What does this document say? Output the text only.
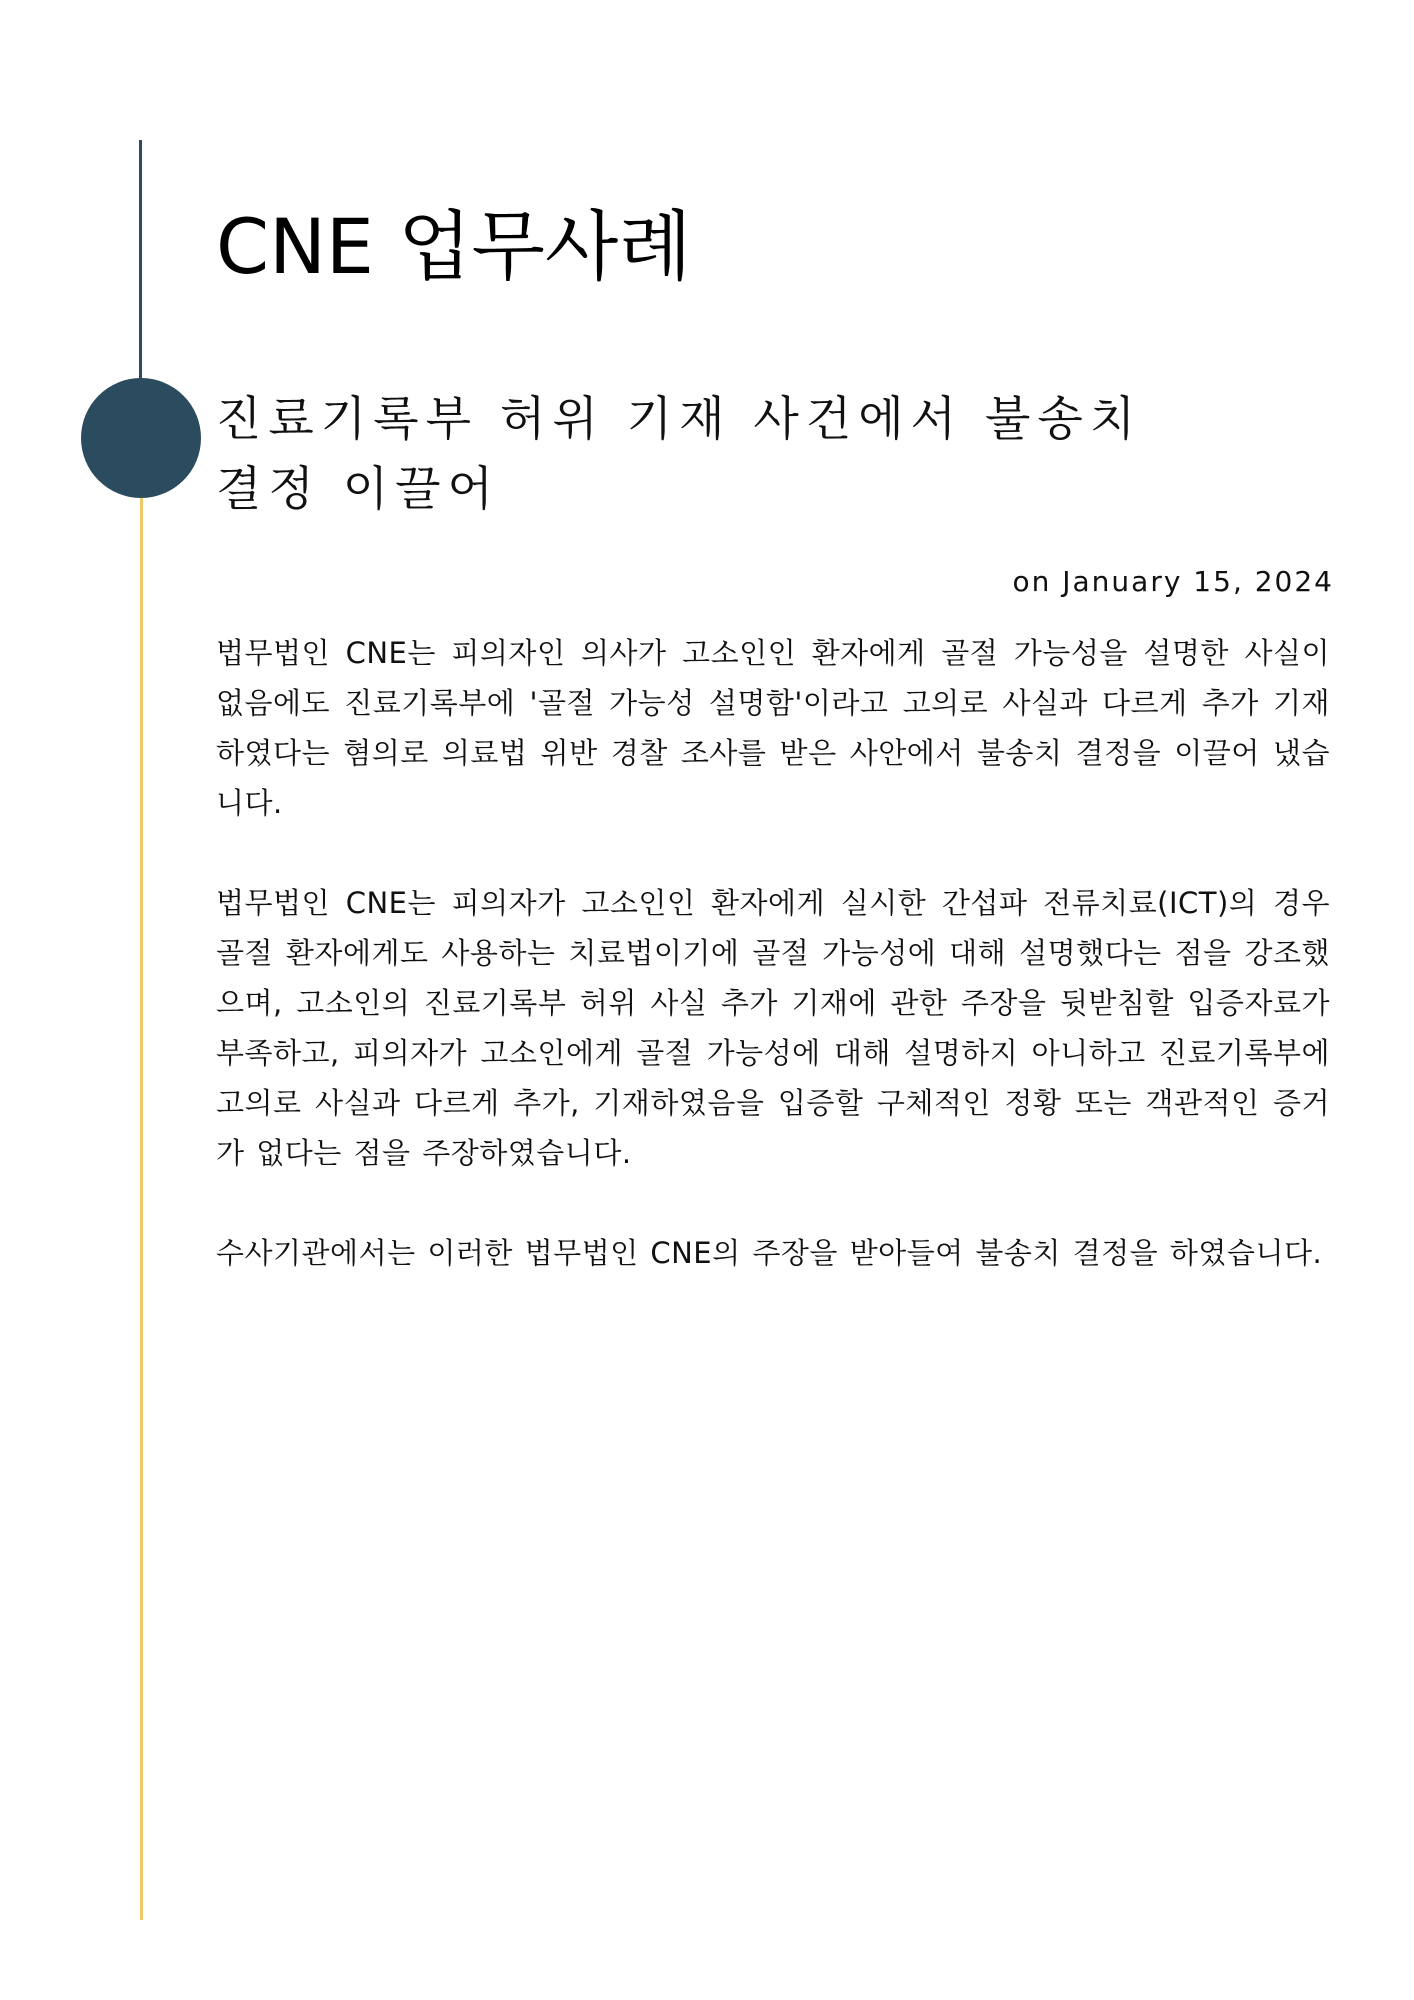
CNE 업무사례
진료기록부 허위 기재 사건에서 불송치 결정 이끌어
on January 15, 2024

법무법인 CNE는 피의자인 의사가 고소인인 환자에게 골절 가능성을 설명한 사실이 없음에도 진료기록부에 '골절 가능성 설명함'이라고 고의로 사실과 다르게 추가 기재하였다는 혐의로 의료법 위반 경찰 조사를 받은 사안에서 불송치 결정을 이끌어 냈습니다.

법무법인 CNE는 피의자가 고소인인 환자에게 실시한 간섭파 전류치료(ICT)의 경우 골절 환자에게도 사용하는 치료법이기에 골절 가능성에 대해 설명했다는 점을 강조했으며, 고소인의 진료기록부 허위 사실 추가 기재에 관한 주장을 뒷받침할 입증자료가 부족하고, 피의자가 고소인에게 골절 가능성에 대해 설명하지 아니하고 진료기록부에 고의로 사실과 다르게 추가, 기재하였음을 입증할 구체적인 정황 또는 객관적인 증거가 없다는 점을 주장하였습니다.

수사기관에서는 이러한 법무법인 CNE의 주장을 받아들여 불송치 결정을 하였습니다.
